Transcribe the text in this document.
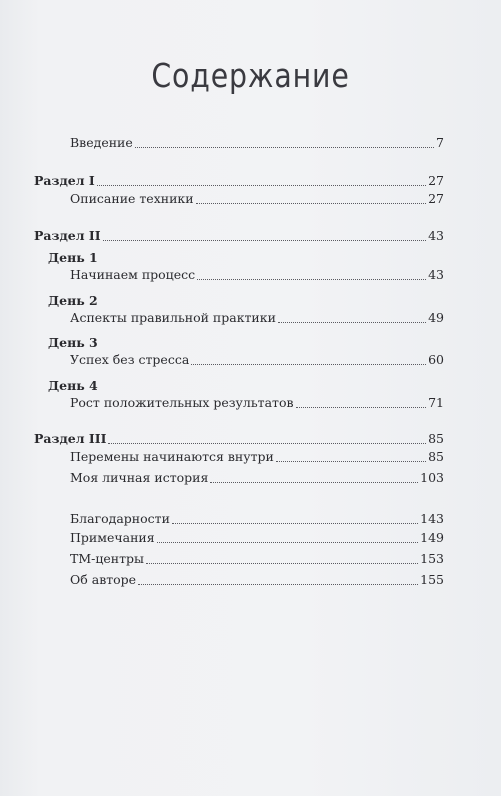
Содержание
Введение	7
Раздел I	27
Описание техники	27
Раздел II	43
День 1
Начинаем процесс	43
День 2
Аспекты правильной практики	49
День 3
Успех без стресса	60
День 4
Рост положительных результатов	71
Раздел III	85
Перемены начинаются внутри	85
Моя личная история	103
Благодарности	143
Примечания	149
ТМ-центры	153
Об авторе	155
